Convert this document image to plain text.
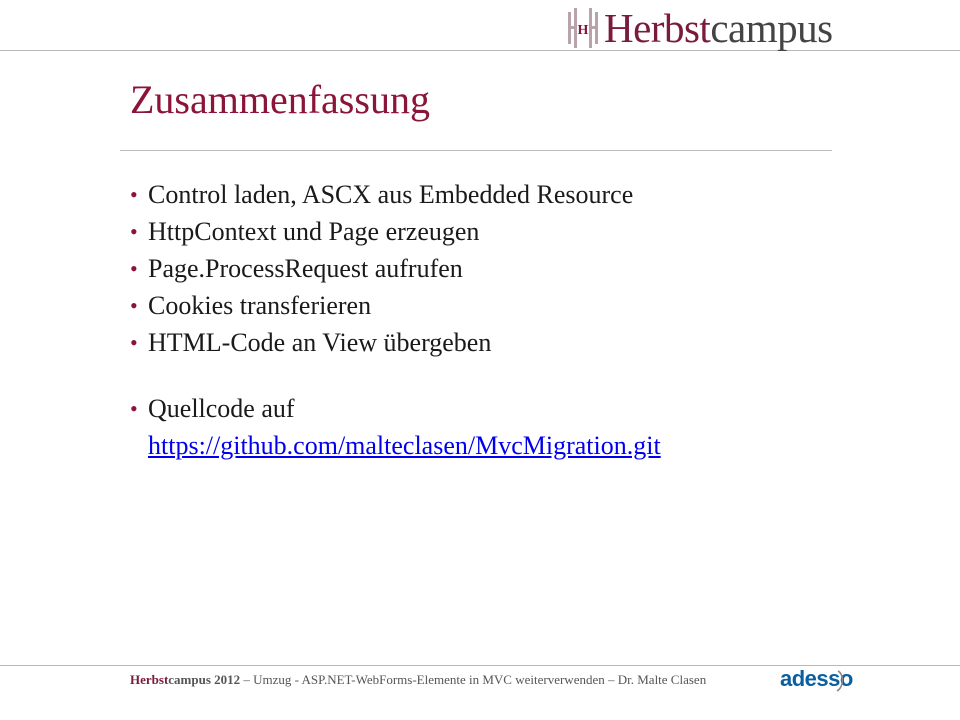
H Herbstcampus
Zusammenfassung
• Control laden, ASCX aus Embedded Resource
• HttpContext und Page erzeugen
• Page.ProcessRequest aufrufen
• Cookies transferieren
• HTML-Code an View übergeben
• Quellcode auf
https://github.com/malteclasen/MvcMigration.git
Herbstcampus 2012 – Umzug - ASP.NET-WebForms-Elemente in MVC weiterverwenden – Dr. Malte Clasen	adesso
